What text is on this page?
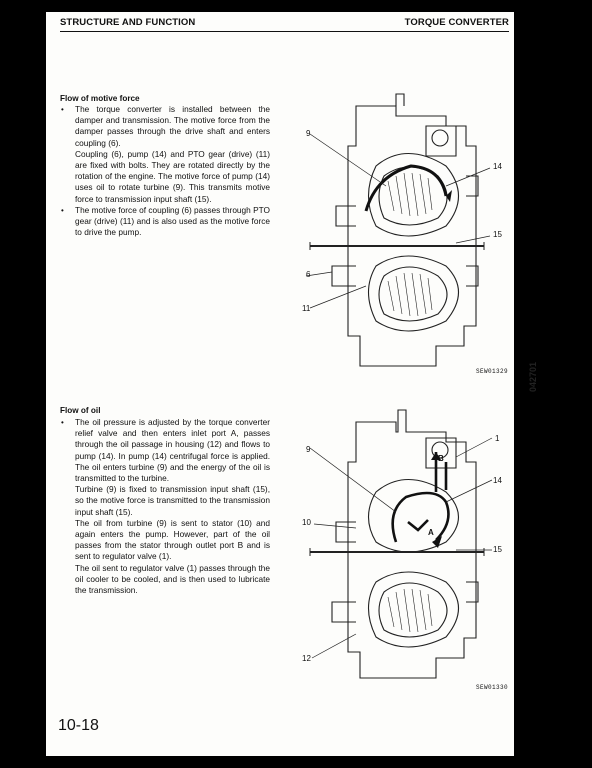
STRUCTURE AND FUNCTION	TORQUE CONVERTER
Flow of motive force
• The torque converter is installed between the damper and transmission. The motive force from the damper passes through the drive shaft and enters coupling (6).
Coupling (6), pump (14) and PTO gear (drive) (11) are fixed with bolts. They are rotated directly by the rotation of the engine. The motive force of pump (14) uses oil to rotate turbine (9). This transmits motive force to transmission input shaft (15).
• The motive force of coupling (6) passes through PTO gear (drive) (11) and is also used as the motive force to drive the pump.
9
14
15
6
11
SEW01329 042701
Flow of oil
• The oil pressure is adjusted by the torque converter relief valve and then enters inlet port A, passes through the oil passage in housing (12) and flows to pump (14). In pump (14) centrifugal force is applied. The oil enters turbine (9) and the energy of the oil is transmitted to the turbine.
Turbine (9) is fixed to transmission input shaft (15), so the motive force is transmitted to the transmission input shaft (15).
The oil from turbine (9) is sent to stator (10) and again enters the pump. However, part of the oil passes from the stator through outlet port B and is sent to regulator valve (1).
The oil sent to regulator valve (1) passes through the oil cooler to be cooled, and is then used to lubricate the transmission.
9
1
14
10
15
12
A
B
SEW01330
10-18
